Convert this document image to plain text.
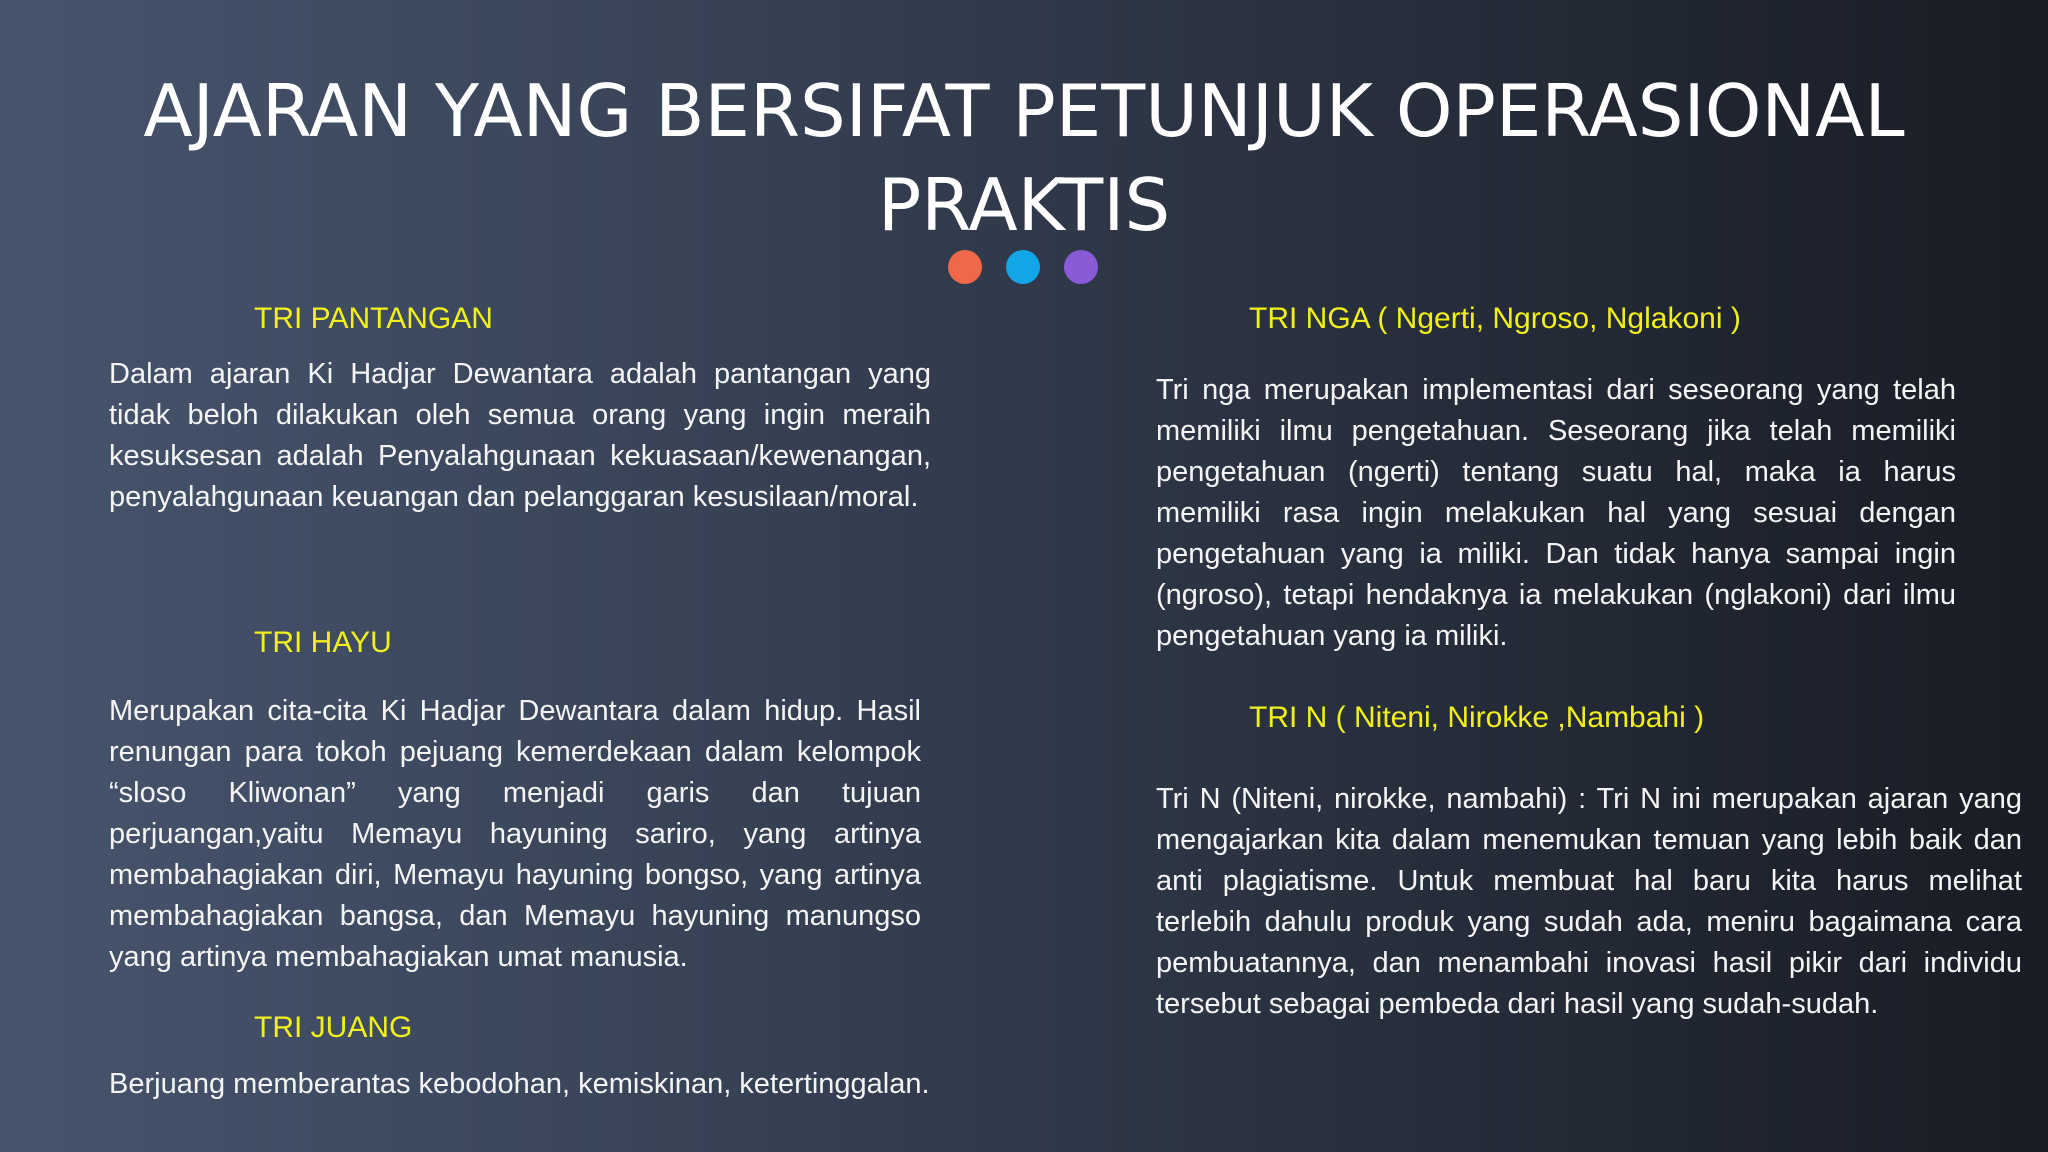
AJARAN YANG BERSIFAT PETUNJUK OPERASIONAL PRAKTIS
TRI PANTANGAN

Dalam ajaran Ki Hadjar Dewantara adalah pantangan yang tidak beloh dilakukan oleh semua orang yang ingin meraih kesuksesan adalah Penyalahgunaan kekuasaan/kewenangan, penyalahgunaan keuangan dan pelanggaran kesusilaan/moral.

TRI HAYU

Merupakan cita-cita Ki Hadjar Dewantara dalam hidup. Hasil renungan para tokoh pejuang kemerdekaan dalam kelompok “sloso Kliwonan” yang menjadi garis dan tujuan perjuangan,yaitu Memayu hayuning sariro, yang artinya membahagiakan diri, Memayu hayuning bongso, yang artinya membahagiakan bangsa, dan Memayu hayuning manungso yang artinya membahagiakan umat manusia.

TRI JUANG

Berjuang memberantas kebodohan, kemiskinan, ketertinggalan.

TRI NGA ( Ngerti, Ngroso, Nglakoni )

Tri nga merupakan implementasi dari seseorang yang telah memiliki ilmu pengetahuan. Seseorang jika telah memiliki pengetahuan (ngerti) tentang suatu hal, maka ia harus memiliki rasa ingin melakukan hal yang sesuai dengan pengetahuan yang ia miliki. Dan tidak hanya sampai ingin (ngroso), tetapi hendaknya ia melakukan (nglakoni) dari ilmu pengetahuan yang ia miliki.

TRI N ( Niteni, Nirokke ,Nambahi )

Tri N (Niteni, nirokke, nambahi) : Tri N ini merupakan ajaran yang mengajarkan kita dalam menemukan temuan yang lebih baik dan anti plagiatisme. Untuk membuat hal baru kita harus melihat terlebih dahulu produk yang sudah ada, meniru bagaimana cara pembuatannya, dan menambahi inovasi hasil pikir dari individu tersebut sebagai pembeda dari hasil yang sudah-sudah.
